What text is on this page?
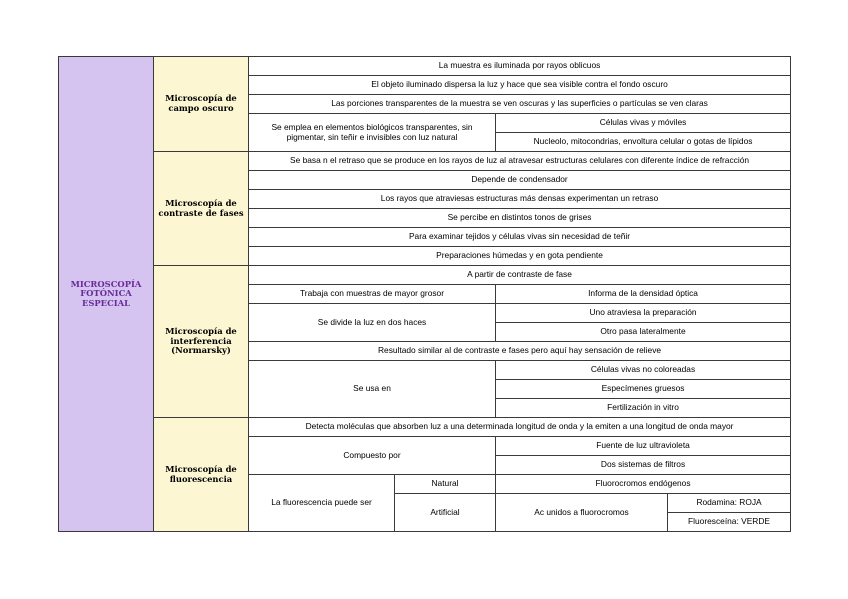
MICROSCOPÍA FOTÓNICA ESPECIAL	Microscopía de campo oscuro	La muestra es iluminada por rayos oblicuos			
		El objeto iluminado dispersa la luz y hace que sea visible contra el fondo oscuro			
		Las porciones transparentes de la muestra se ven oscuras y las superficies o partículas se ven claras			
		Se emplea en elementos biológicos transparentes, sin pigmentar, sin teñir e invisibles con luz natural		Células vivas y móviles	
				Nucleolo, mitocondrias, envoltura celular o gotas de lípidos	
	Microscopía de contraste de fases	Se basa n el retraso que se produce en los rayos de luz al atravesar estructuras celulares con diferente índice de refracción			
		Depende de condensador			
		Los rayos que atraviesas estructuras más densas experimentan un retraso			
		Se percibe en distintos tonos de grises			
		Para examinar tejidos y células vivas sin necesidad de teñir			
		Preparaciones húmedas y en gota pendiente			
	Microscopía de interferencia (Normarsky)	A partir de contraste de fase			
		Trabaja con muestras de mayor grosor		Informa de la densidad óptica	
		Se divide la luz en dos haces		Uno atraviesa la preparación	
				Otro pasa lateralmente	
		Resultado similar al de contraste e fases pero aquí hay sensación de relieve			
		Se usa en		Células vivas no coloreadas	
				Especímenes gruesos	
				Fertilización in vitro	
	Microscopía de fluorescencia	Detecta moléculas que absorben luz a una determinada longitud de onda y la emiten a una longitud de onda mayor			
		Compuesto por		Fuente de luz ultravioleta	
				Dos sistemas de filtros	
		La fluorescencia puede ser	Natural	Fluorocromos endógenos	
			Artificial	Ac unidos a fluorocromos	Rodamina: ROJA
					Fluoresceína: VERDE
